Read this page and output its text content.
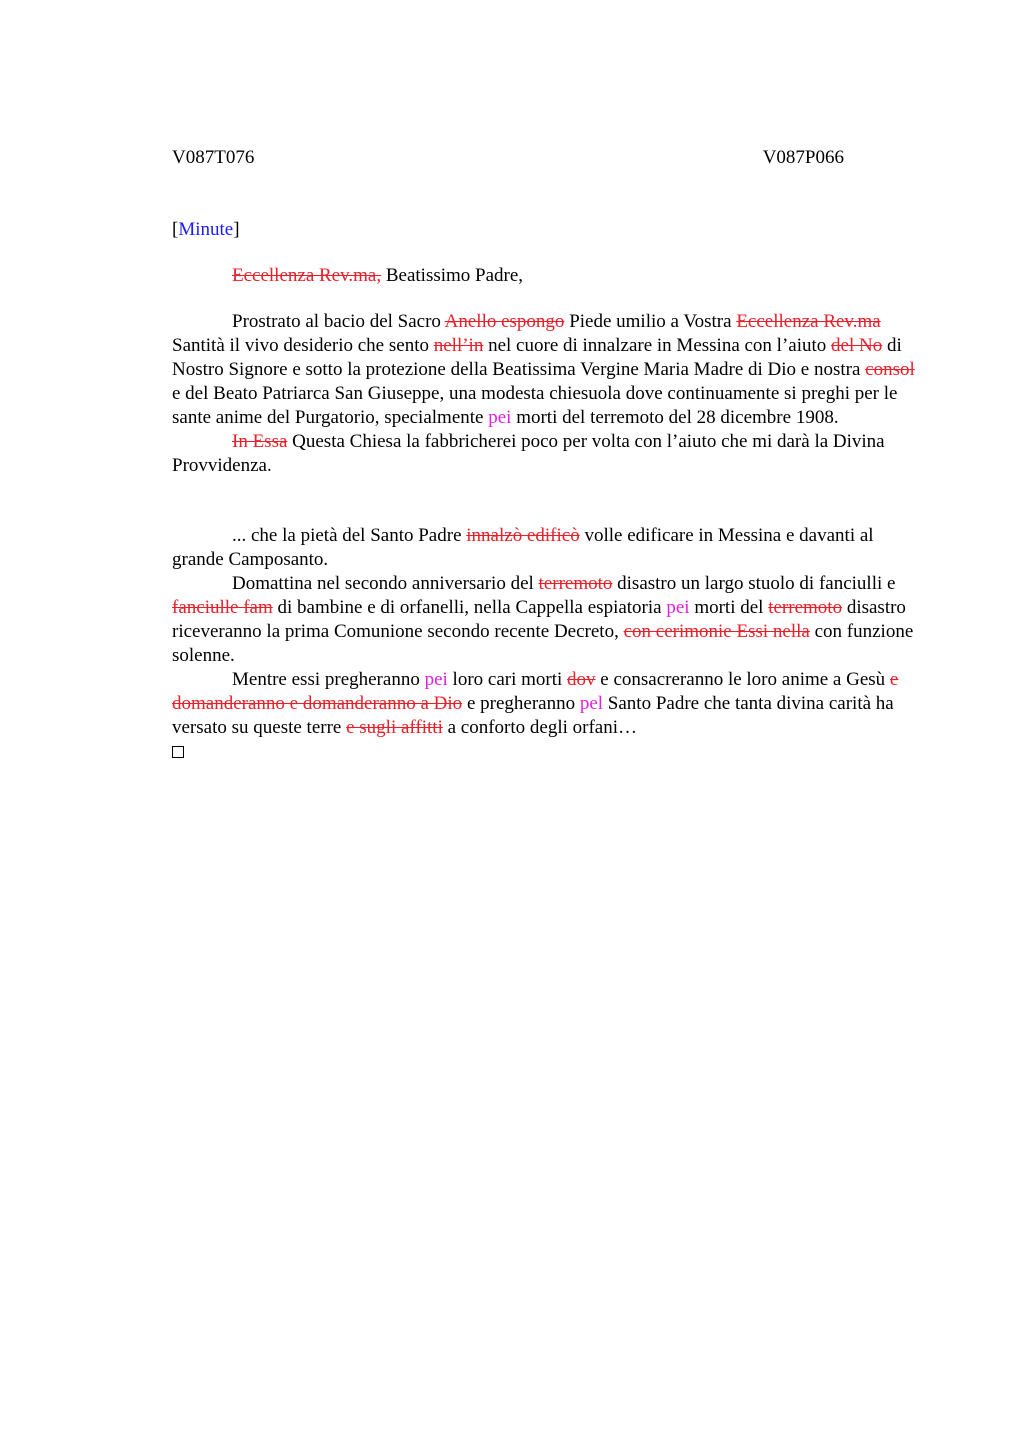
V087T076	V087P066
[Minute]

Eccellenza Rev.ma, Beatissimo Padre,

Prostrato al bacio del Sacro Anello espongo Piede umilio a Vostra Eccellenza Rev.ma Santità il vivo desiderio che sento nell’in nel cuore di innalzare in Messina con l’aiuto del No di Nostro Signore e sotto la protezione della Beatissima Vergine Maria Madre di Dio e nostra consol e del Beato Patriarca San Giuseppe, una modesta chiesuola dove continuamente si preghi per le sante anime del Purgatorio, specialmente pei morti del terremoto del 28 dicembre 1908.

In Essa Questa Chiesa la fabbricherei poco per volta con l’aiuto che mi darà la Divina Provvidenza.

... che la pietà del Santo Padre innalzò edificò volle edificare in Messina e davanti al grande Camposanto.

Domattina nel secondo anniversario del terremoto disastro un largo stuolo di fanciulli e fanciulle fam di bambine e di orfanelli, nella Cappella espiatoria pei morti del terremoto disastro riceveranno la prima Comunione secondo recente Decreto, con cerimonie Essi nella con funzione solenne.

Mentre essi pregheranno pei loro cari morti dov e consacreranno le loro anime a Gesù e domanderanno e domanderanno a Dio e pregheranno pel Santo Padre che tanta divina carità ha versato su queste terre e sugli affitti a conforto degli orfani…
